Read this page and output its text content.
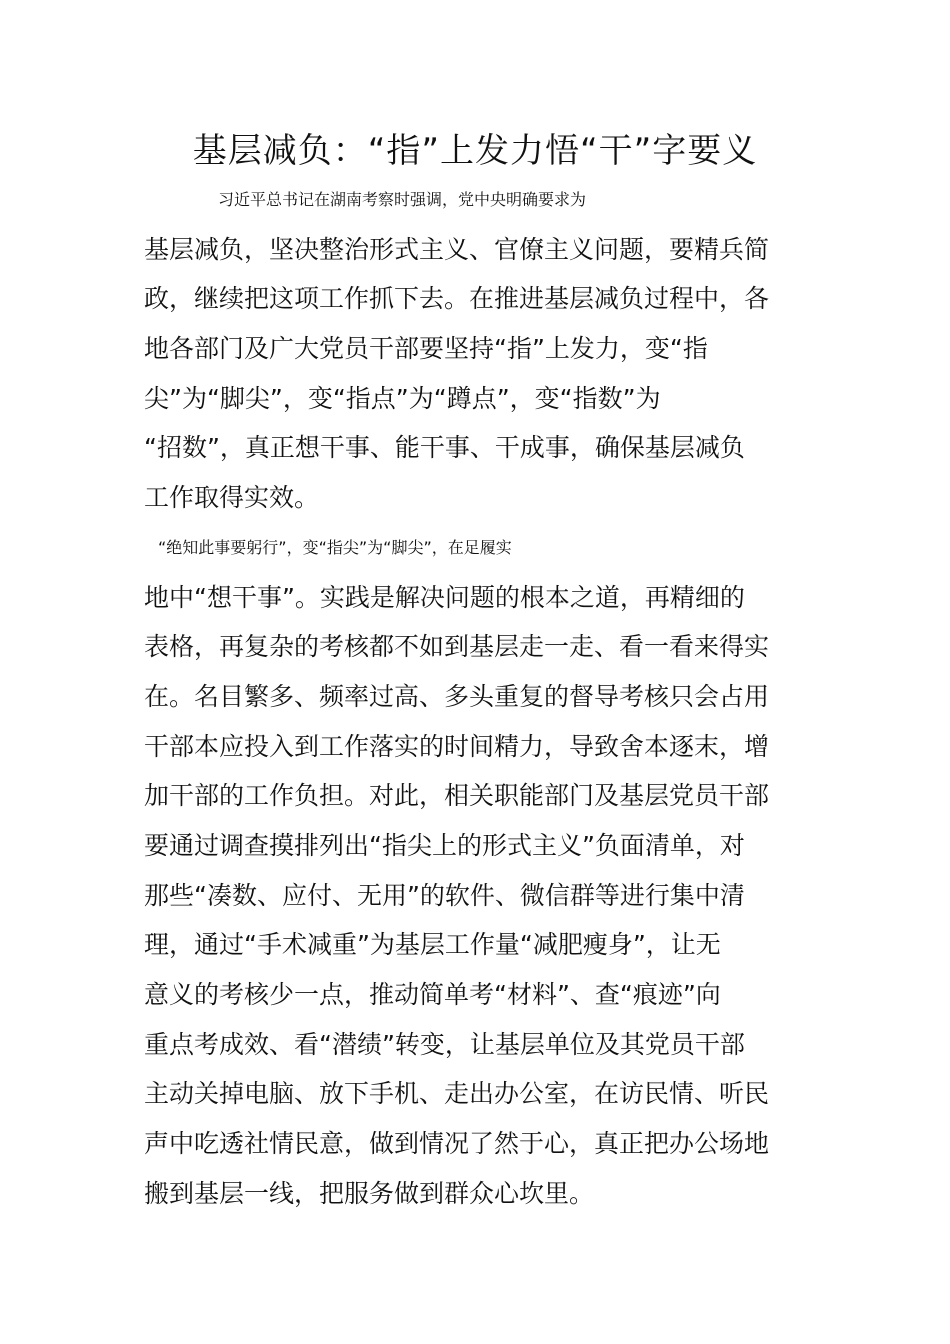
基层减负：“指”上发力悟“干”字要义

习近平总书记在湖南考察时强调，党中央明确要求为

基层减负，坚决整治形式主义、官僚主义问题，要精兵简

政，继续把这项工作抓下去。在推进基层减负过程中，各

地各部门及广大党员干部要坚持“指”上发力，变“指

尖”为“脚尖”，变“指点”为“蹲点”，变“指数”为

“招数”，真正想干事、能干事、干成事，确保基层减负

工作取得实效。

“绝知此事要躬行”，变“指尖”为“脚尖”，在足履实

地中“想干事”。实践是解决问题的根本之道，再精细的

表格，再复杂的考核都不如到基层走一走、看一看来得实

在。名目繁多、频率过高、多头重复的督导考核只会占用

干部本应投入到工作落实的时间精力，导致舍本逐末，增

加干部的工作负担。对此，相关职能部门及基层党员干部

要通过调查摸排列出“指尖上的形式主义”负面清单，对

那些“凑数、应付、无用”的软件、微信群等进行集中清

理，通过“手术减重”为基层工作量“减肥瘦身”，让无

意义的考核少一点，推动简单考“材料”、查“痕迹”向

重点考成效、看“潜绩”转变，让基层单位及其党员干部

主动关掉电脑、放下手机、走出办公室，在访民情、听民

声中吃透社情民意，做到情况了然于心，真正把办公场地

搬到基层一线，把服务做到群众心坎里。
